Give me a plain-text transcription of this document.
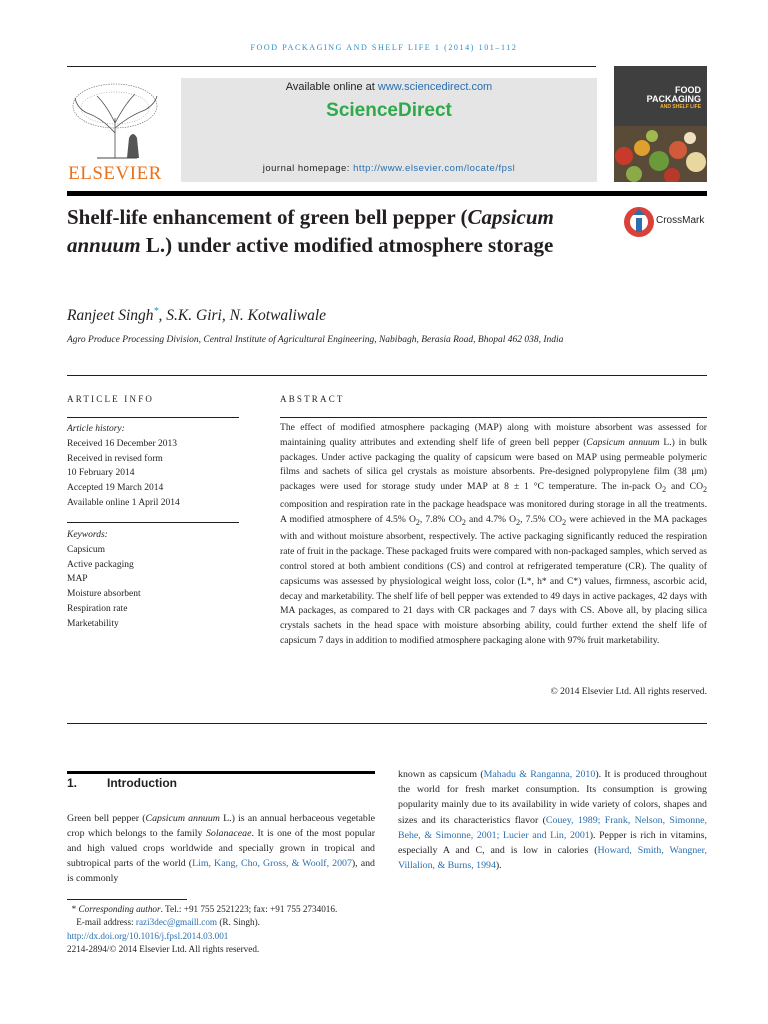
FOOD PACKAGING AND SHELF LIFE 1 (2014) 101–112
ELSEVIER
Available online at www.sciencedirect.com
ScienceDirect
journal homepage: http://www.elsevier.com/locate/fpsl
FOOD
PACKAGING
AND SHELF LIFE
Shelf-life enhancement of green bell pepper (Capsicum annuum L.) under active modified atmosphere storage
CrossMark
Ranjeet Singh*, S.K. Giri, N. Kotwaliwale
Agro Produce Processing Division, Central Institute of Agricultural Engineering, Nabibagh, Berasia Road, Bhopal 462 038, India
ARTICLE INFO	ABSTRACT
Article history:
Received 16 December 2013
Received in revised form
10 February 2014
Accepted 19 March 2014
Available online 1 April 2014
Keywords:
Capsicum
Active packaging
MAP
Moisture absorbent
Respiration rate
Marketability
The effect of modified atmosphere packaging (MAP) along with moisture absorbent was assessed for maintaining quality attributes and extending shelf life of green bell pepper (Capsicum annuum L.) in bulk packages. Under active packaging the quality of capsicum were based on MAP using permeable polymeric films and sachets of silica gel crystals as moisture absorbents. Pre-designed polypropylene film (38 μm) packages were used for storage study under MAP at 8 ± 1 °C temperature. The in-pack $O_2$ and $CO_2$ composition and respiration rate in the package headspace was monitored during storage in all the treatments. A modified atmosphere of 4.5% $O_2$, 7.8% $CO_2$ and 4.7% $O_2$, 7.5% $CO_2$ were achieved in the MA packages with and without moisture absorbent, respectively. The active packaging significantly reduced the respiration rate of fruit in the package. These packaged fruits were compared with non-packaged samples, which served as control stored at both ambient conditions (CS) and control at refrigerated temperature (CR). The quality of capsicums was assessed by physiological weight loss, color (L*, h* and C*) values, firmness, ascorbic acid, decay and marketability. The shelf life of bell pepper was extended to 49 days in active packages, 42 days with MA packages, as compared to 21 days with CR packages and 7 days with CS. Above all, by placing silica crystals sachets in the head space with moisture absorbing ability, could further extend the shelf life of capsicum 7 days in addition to modified atmosphere packaging alone with 97% fruit marketability.
© 2014 Elsevier Ltd. All rights reserved.
1. Introduction
Green bell pepper (Capsicum annuum L.) is an annual herbaceous vegetable crop which belongs to the family Solanaceae. It is one of the most popular and high valued crops worldwide and specially grown in tropical and subtropical parts of the world (Lim, Kang, Cho, Gross, & Woolf, 2007), and is commonly
known as capsicum (Mahadu & Ranganna, 2010). It is produced throughout the world for fresh market consumption. Its consumption is growing popularity mainly due to its availability in wide variety of colors, shapes and sizes and its characteristics flavor (Couey, 1989; Frank, Nelson, Simonne, Behe, & Simonne, 2001; Lucier and Lin, 2001). Pepper is rich in vitamins, especially A and C, and is low in calories (Howard, Smith, Wangner, Villalion, & Burns, 1994).
* Corresponding author. Tel.: +91 755 2521223; fax: +91 755 2734016.
E-mail address: razi3dec@gmaill.com (R. Singh).
http://dx.doi.org/10.1016/j.fpsl.2014.03.001
2214-2894/© 2014 Elsevier Ltd. All rights reserved.
